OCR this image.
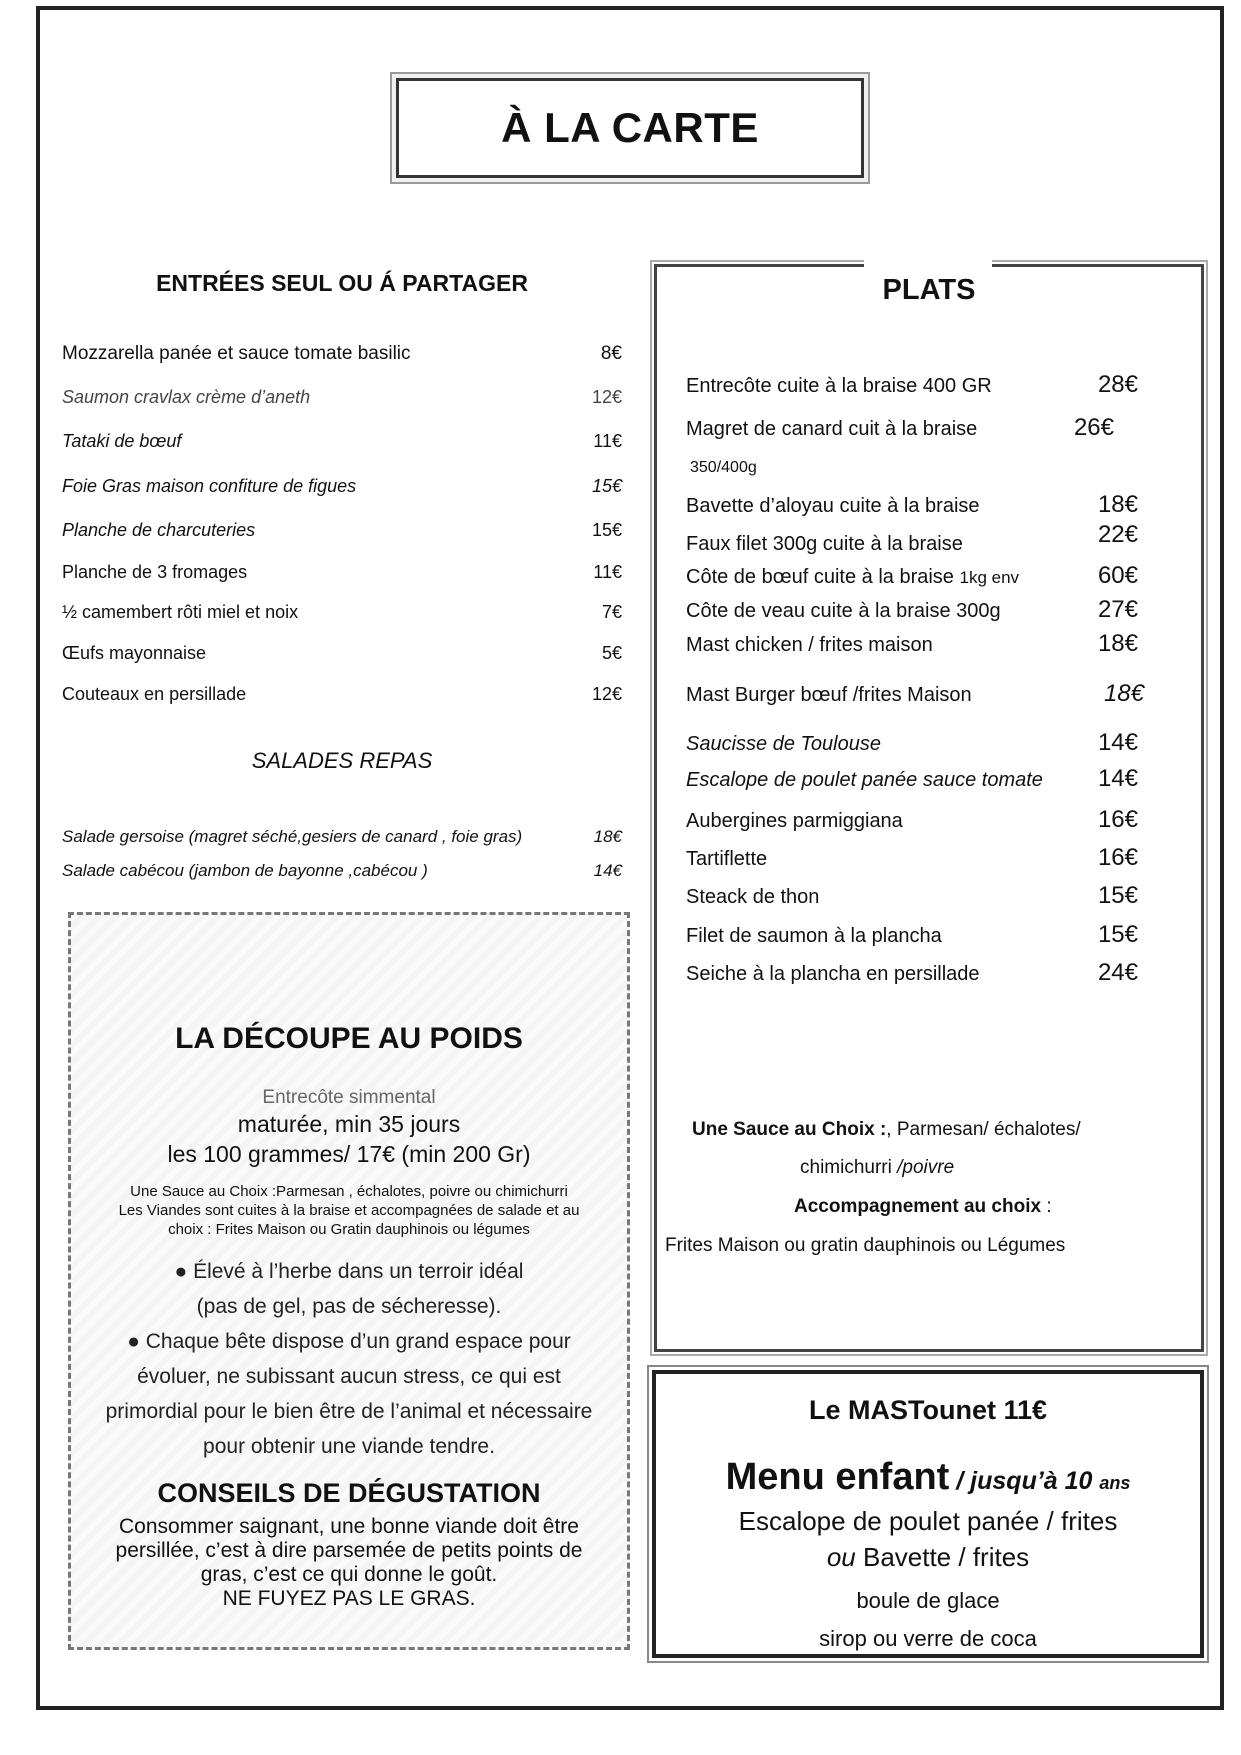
À LA CARTE
ENTRÉES SEUL OU Á PARTAGER
Mozzarella panée et sauce tomate basilic	8€
Saumon cravlax crème d’aneth	12€
Tataki de bœuf	11€
Foie Gras maison confiture de figues	15€
Planche de charcuteries	15€
Planche de 3 fromages	11€
½ camembert rôti miel et noix	7€
Œufs mayonnaise	5€
Couteaux en persillade	12€
SALADES REPAS
Salade gersoise (magret séché,gesiers de canard , foie gras)	18€
Salade cabécou (jambon de bayonne ,cabécou )	14€
PLATS
Entrecôte cuite à la braise 400 GR	28€
Magret de canard cuit à la braise	26€
350/400g
Bavette d’aloyau cuite à la braise	18€
Faux filet 300g cuite à la braise	22€
Côte de bœuf cuite à la braise 1kg env	60€
Côte de veau cuite à la braise 300g	27€
Mast chicken / frites maison	18€
Mast Burger bœuf /frites Maison	18€
Saucisse de Toulouse	14€
Escalope de poulet panée sauce tomate 14€
Aubergines parmiggiana	16€
Tartiflette	16€
Steack de thon	15€
Filet de saumon à la plancha	15€
Seiche à la plancha en persillade	24€
Une Sauce au Choix :, Parmesan/ échalotes/
chimichurri /poivre
Accompagnement au choix :
Frites Maison ou gratin dauphinois ou Légumes
LA DÉCOUPE AU POIDS
Entrecôte simmental
maturée, min 35 jours
les 100 grammes/ 17€ (min 200 Gr)
Une Sauce au Choix :Parmesan , échalotes, poivre ou chimichurri
Les Viandes sont cuites à la braise et accompagnées de salade et au
choix : Frites Maison ou Gratin dauphinois ou légumes
● Élevé à l’herbe dans un terroir idéal
(pas de gel, pas de sécheresse).
● Chaque bête dispose d’un grand espace pour
évoluer, ne subissant aucun stress, ce qui est
primordial pour le bien être de l’animal et nécessaire
pour obtenir une viande tendre.
CONSEILS DE DÉGUSTATION
Consommer saignant, une bonne viande doit être
persillée, c’est à dire parsemée de petits points de
gras, c’est ce qui donne le goût.
NE FUYEZ PAS LE GRAS.
Le MASTounet 11€
Menu enfant / jusqu’à 10 ans
Escalope de poulet panée / frites
ou Bavette / frites
boule de glace
sirop ou verre de coca
